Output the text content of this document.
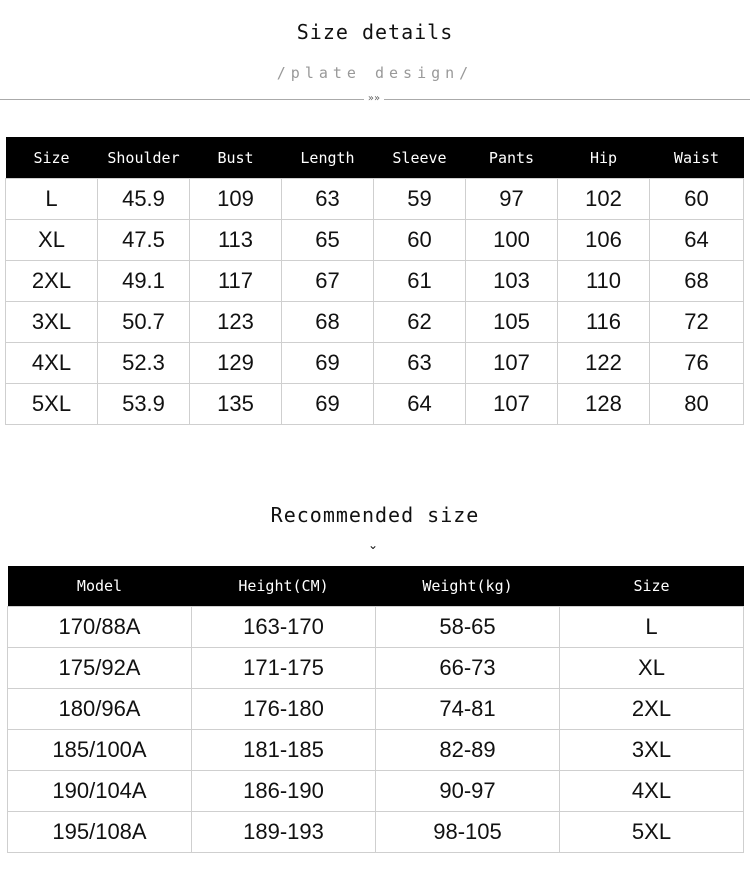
Size details
/plate design/
»»
Size	Shoulder	Bust	Length	Sleeve	Pants	Hip	Waist
L	45.9	109	63	59	97	102	60
XL	47.5	113	65	60	100	106	64
2XL	49.1	117	67	61	103	110	68
3XL	50.7	123	68	62	105	116	72
4XL	52.3	129	69	63	107	122	76
5XL	53.9	135	69	64	107	128	80
Recommended size
⌄
Model	Height(CM)	Weight(kg)	Size
170/88A	163-170	58-65	L
175/92A	171-175	66-73	XL
180/96A	176-180	74-81	2XL
185/100A	181-185	82-89	3XL
190/104A	186-190	90-97	4XL
195/108A	189-193	98-105	5XL
